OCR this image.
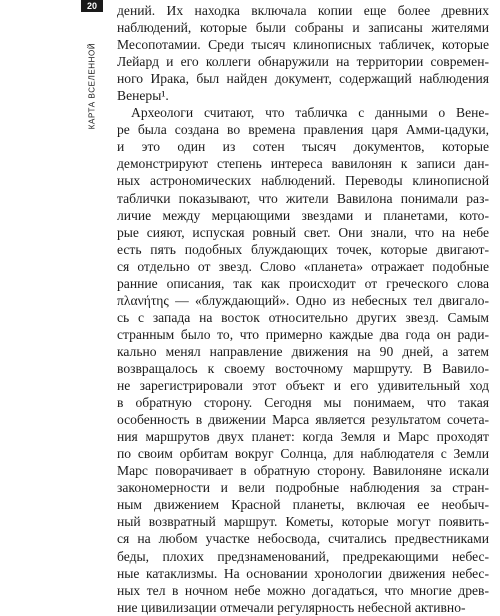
20
КАРТА ВСЕЛЕННОЙ
дений. Их находка включала копии еще более древних
наблюдений, которые были собраны и записаны жителями
Месопотамии. Среди тысяч клинописных табличек, которые
Лейард и его коллеги обнаружили на территории современ-
ного Ирака, был найден документ, содержащий наблюдения
Венеры¹.
Археологи считают, что табличка с данными о Вене-
ре была создана во времена правления царя Амми-цадуки,
и это один из сотен тысяч документов, которые
демонстрируют степень интереса вавилонян к записи дан-
ных астрономических наблюдений. Переводы клинописной
таблички показывают, что жители Вавилона понимали раз-
личие между мерцающими звездами и планетами, кото-
рые сияют, испуская ровный свет. Они знали, что на небе
есть пять подобных блуждающих точек, которые двигают-
ся отдельно от звезд. Слово «планета» отражает подобные
ранние описания, так как происходит от греческого слова
πλανήτης — «блуждающий». Одно из небесных тел двигало-
сь с запада на восток относительно других звезд. Самым
странным было то, что примерно каждые два года он ради-
кально менял направление движения на 90 дней, а затем
возвращалось к своему восточному маршруту. В Вавило-
не зарегистрировали этот объект и его удивительный ход
в обратную сторону. Сегодня мы понимаем, что такая
особенность в движении Марса является результатом сочета-
ния маршрутов двух планет: когда Земля и Марс проходят
по своим орбитам вокруг Солнца, для наблюдателя с Земли
Марс поворачивает в обратную сторону. Вавилоняне искали
закономерности и вели подробные наблюдения за стран-
ным движением Красной планеты, включая ее необыч-
ный возвратный маршрут. Кометы, которые могут появить-
ся на любом участке небосвода, считались предвестниками
беды, плохих предзнаменований, предрекающими небес-
ные катаклизмы. На основании хронологии движения небес-
ных тел в ночном небе можно догадаться, что многие древ-
ние цивилизации отмечали регулярность небесной активно-
